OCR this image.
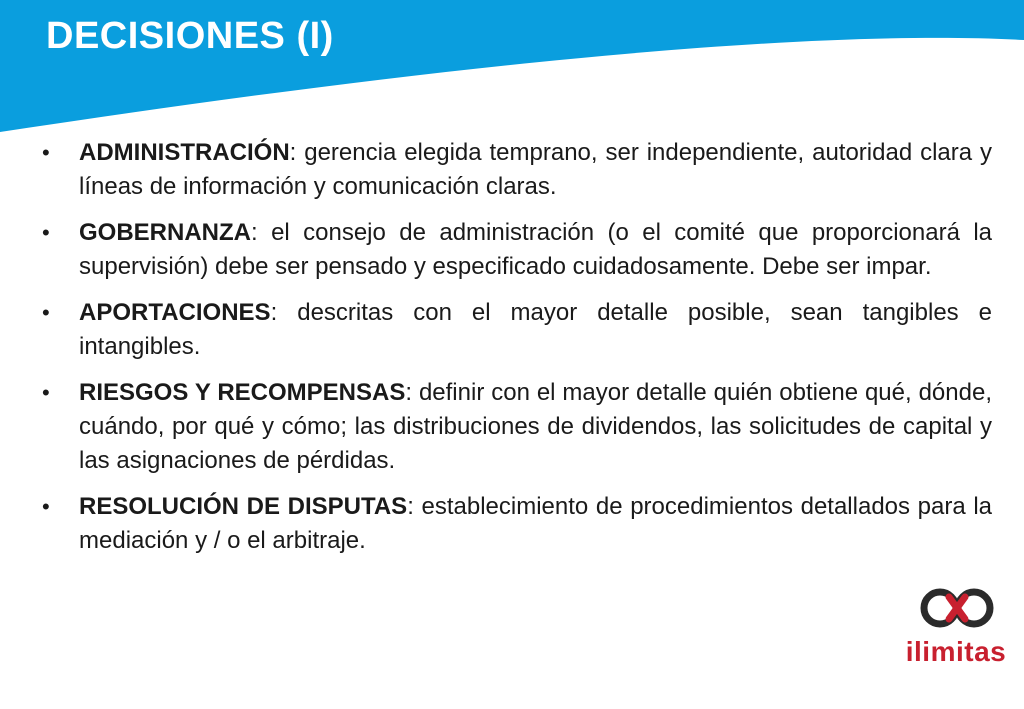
DECISIONES (I)
• ADMINISTRACIÓN: gerencia elegida temprano, ser independiente, autoridad clara y líneas de información y comunicación claras.
• GOBERNANZA: el consejo de administración (o el comité que proporcionará la supervisión) debe ser pensado y especificado cuidadosamente. Debe ser impar.
• APORTACIONES: descritas con el mayor detalle posible, sean tangibles e intangibles.
• RIESGOS Y RECOMPENSAS: definir con el mayor detalle quién obtiene qué, dónde, cuándo, por qué y cómo; las distribuciones de dividendos, las solicitudes de capital y las asignaciones de pérdidas.
• RESOLUCIÓN DE DISPUTAS: establecimiento de procedimientos detallados para la mediación y / o el arbitraje.
ilimitas
